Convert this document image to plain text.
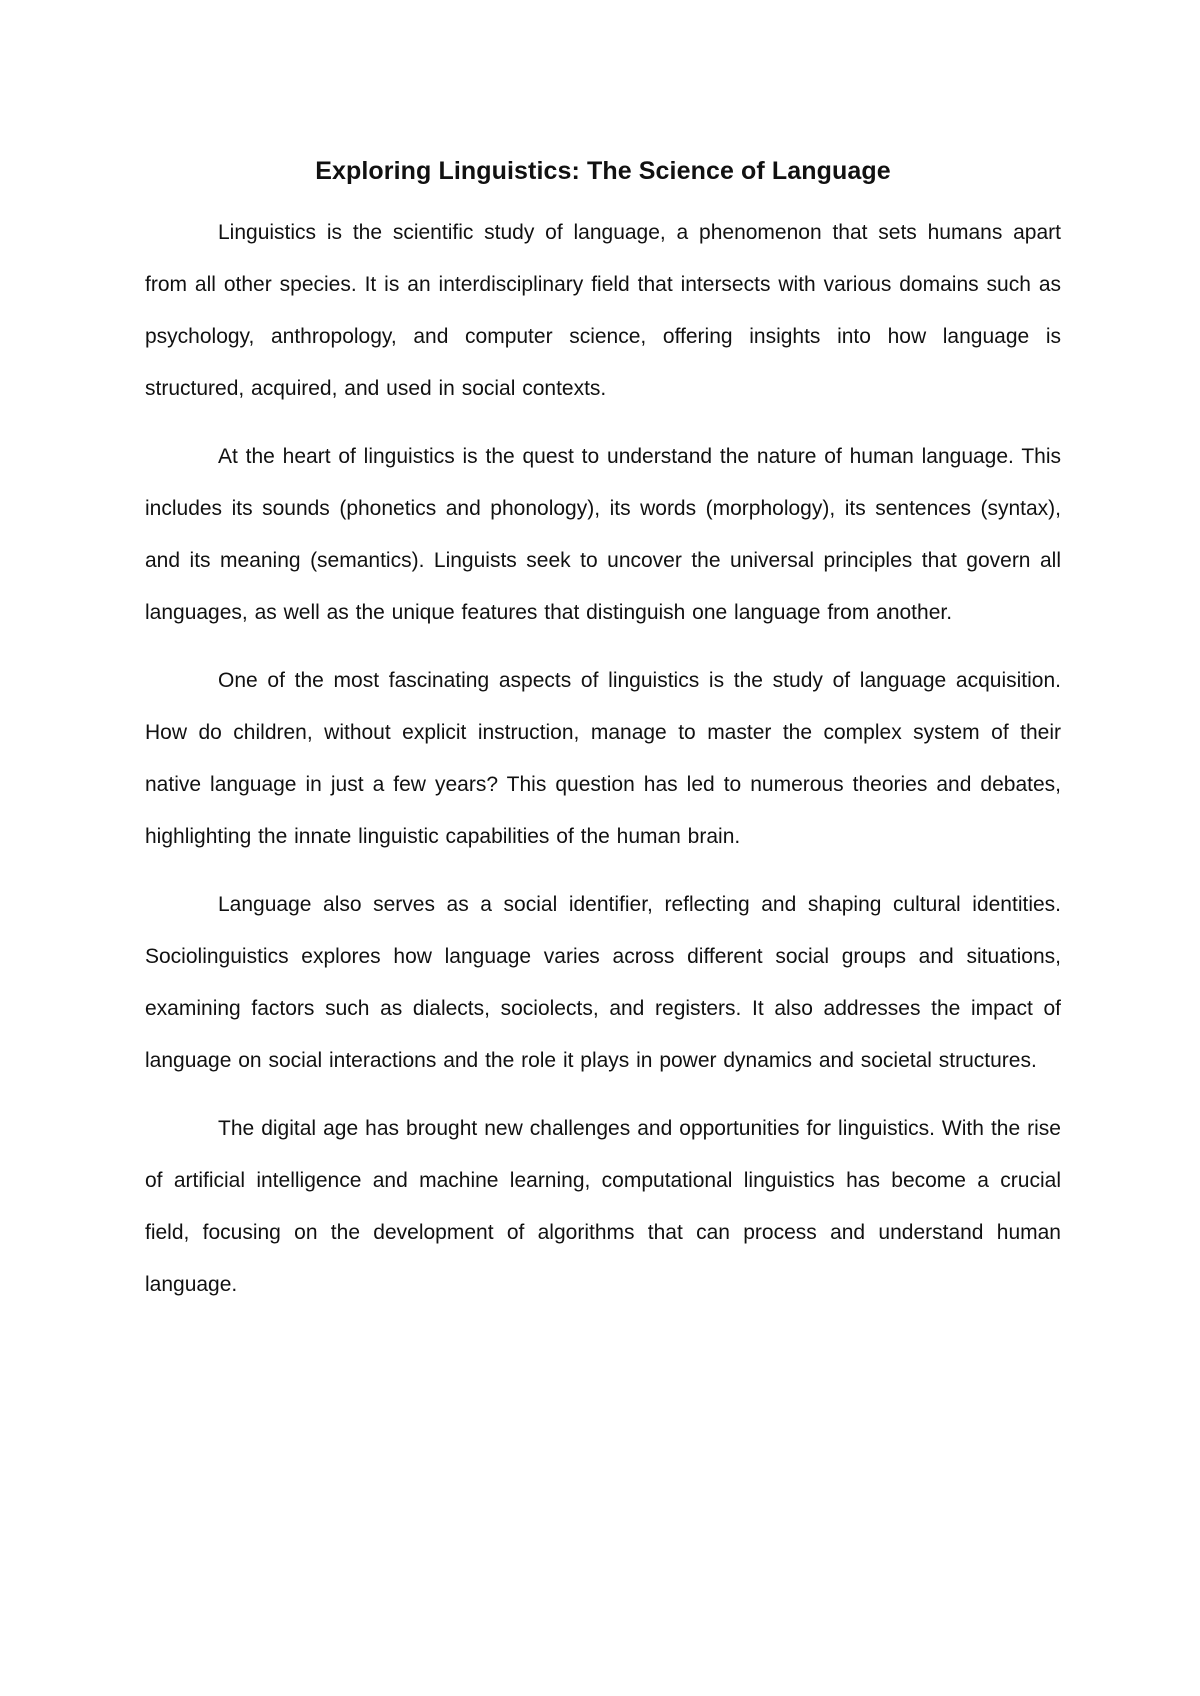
Exploring Linguistics: The Science of Language

Linguistics is the scientific study of language, a phenomenon that sets humans apart from all other species. It is an interdisciplinary field that intersects with various domains such as psychology, anthropology, and computer science, offering insights into how language is structured, acquired, and used in social contexts.

At the heart of linguistics is the quest to understand the nature of human language. This includes its sounds (phonetics and phonology), its words (morphology), its sentences (syntax), and its meaning (semantics). Linguists seek to uncover the universal principles that govern all languages, as well as the unique features that distinguish one language from another.

One of the most fascinating aspects of linguistics is the study of language acquisition. How do children, without explicit instruction, manage to master the complex system of their native language in just a few years? This question has led to numerous theories and debates, highlighting the innate linguistic capabilities of the human brain.

Language also serves as a social identifier, reflecting and shaping cultural identities. Sociolinguistics explores how language varies across different social groups and situations, examining factors such as dialects, sociolects, and registers. It also addresses the impact of language on social interactions and the role it plays in power dynamics and societal structures.

The digital age has brought new challenges and opportunities for linguistics. With the rise of artificial intelligence and machine learning, computational linguistics has become a crucial field, focusing on the development of algorithms that can process and understand human language.
